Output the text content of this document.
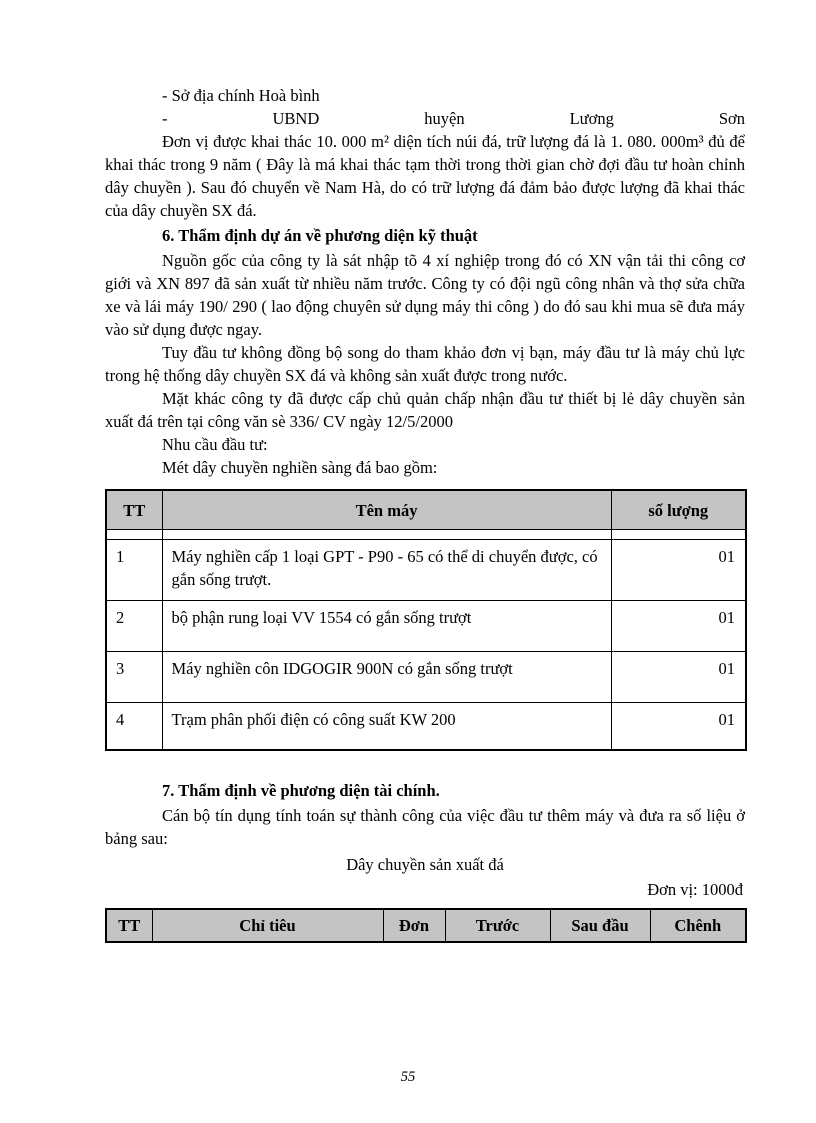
- Sở địa chính Hoà bình
-	UBND	huyện	Lương	Sơn

Đơn vị được khai thác 10. 000 m² diện tích núi đá, trữ lượng đá là 1. 080. 000m³ đủ để khai thác trong 9 năm ( Đây là má khai thác tạm thời trong thời gian chờ đợi đầu tư hoàn chỉnh dây chuyền ). Sau đó chuyển về Nam Hà, do có trữ lượng đá đảm bảo được lượng đã khai thác của dây chuyền SX đá.

6. Thẩm định dự án về phương diện kỹ thuật

Nguồn gốc của công ty là sát nhập tõ 4 xí nghiệp trong đó có XN vận tải thi công cơ giới và XN 897 đã sản xuất từ nhiều năm trước. Công ty có đội ngũ công nhân và thợ sửa chữa xe và lái máy 190/ 290 ( lao động chuyên sử dụng máy thi công ) do đó sau khi mua sẽ đưa máy vào sử dụng được ngay.

Tuy đầu tư không đồng bộ song do tham khảo đơn vị bạn, máy đầu tư là máy chủ lực trong hệ thống dây chuyền SX đá và không sản xuất được trong nước.

Mặt khác công ty đã được cấp chủ quản chấp nhận đầu tư thiết bị lẻ dây chuyền sản xuất đá trên tại công văn sè 336/ CV ngày 12/5/2000

Nhu cầu đầu tư:
Mét dây chuyền nghiền sàng đá bao gồm:
TT	Tên máy	số lượng

1	Máy nghiền cấp 1 loại GPT - P90 - 65 có thể di chuyển được, có gắn sống trượt.	01
2	bộ phận rung loại VV 1554 có gắn sống trượt	01
3	Máy nghiền côn IDGOGIR 900N có gắn sống trượt	01
4	Trạm phân phối điện có công suất KW 200	01
7. Thẩm định về phương diện tài chính.

Cán bộ tín dụng tính toán sự thành công của việc đầu tư thêm máy và đưa ra số liệu ở bảng sau:

Dây chuyền sản xuất đá
Đơn vị: 1000đ
TT	Chỉ tiêu	Đơn	Trước	Sau đầu	Chênh
55
